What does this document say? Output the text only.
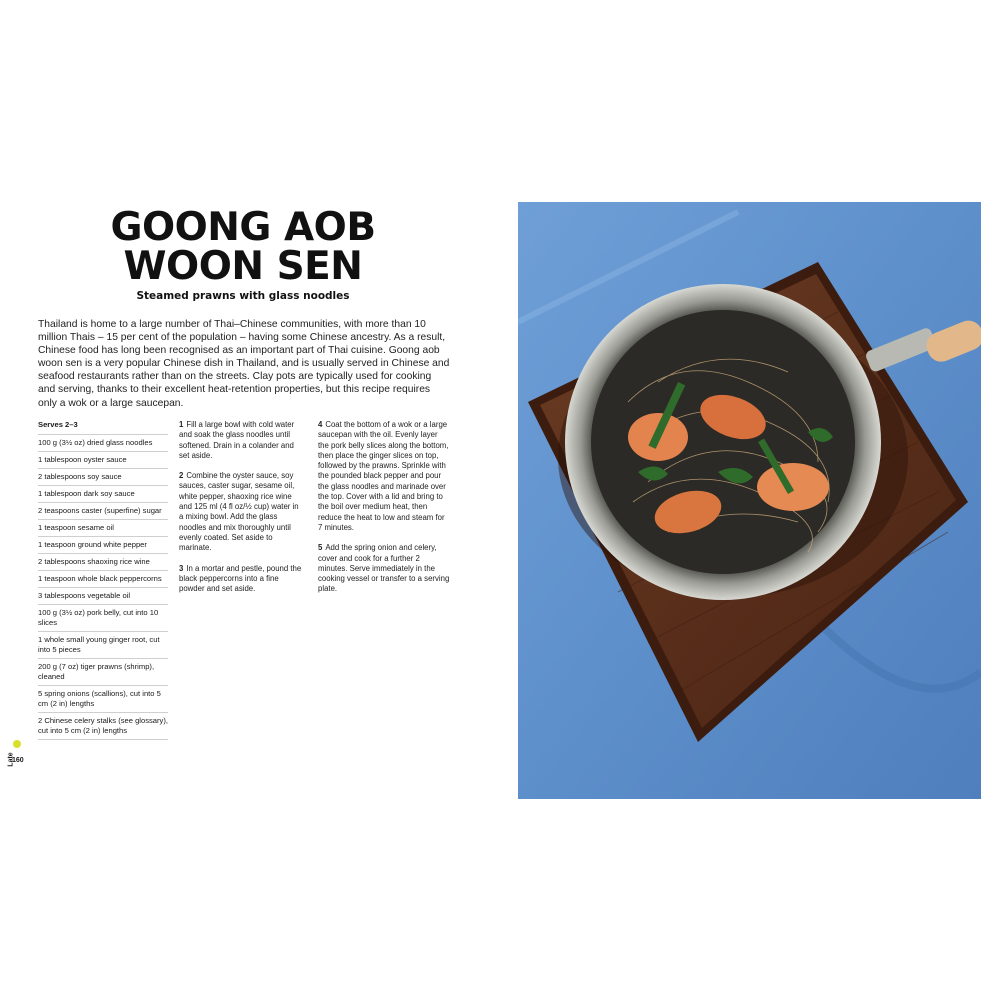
GOONG AOB
WOON SEN
Steamed prawns with glass noodles
Thailand is home to a large number of Thai–Chinese communities, with more than 10 million Thais – 15 per cent of the population – having some Chinese ancestry. As a result, Chinese food has long been recognised as an important part of Thai cuisine. Goong aob woon sen is a very popular Chinese dish in Thailand, and is usually served in Chinese and seafood restaurants rather than on the streets. Clay pots are typically used for cooking and serving, thanks to their excellent heat-retention properties, but this recipe requires only a wok or a large saucepan.
Serves 2–3
100 g (3½ oz) dried glass noodles
1 tablespoon oyster sauce
2 tablespoons soy sauce
1 tablespoon dark soy sauce
2 teaspoons caster (superfine) sugar
1 teaspoon sesame oil
1 teaspoon ground white pepper
2 tablespoons shaoxing rice wine
1 teaspoon whole black peppercorns
3 tablespoons vegetable oil
100 g (3½ oz) pork belly, cut into 10 slices
1 whole small young ginger root, cut into 5 pieces
200 g (7 oz) tiger prawns (shrimp), cleaned
5 spring onions (scallions), cut into 5 cm (2 in) lengths
2 Chinese celery stalks (see glossary), cut into 5 cm (2 in) lengths
1 Fill a large bowl with cold water and soak the glass noodles until softened. Drain in a colander and set aside.
2 Combine the oyster sauce, soy sauces, caster sugar, sesame oil, white pepper, shaoxing rice wine and 125 ml (4 fl oz/½ cup) water in a mixing bowl. Add the glass noodles and mix thoroughly until evenly coated. Set aside to marinate.
3 In a mortar and pestle, pound the black peppercorns into a fine powder and set aside.
4 Coat the bottom of a wok or a large saucepan with the oil. Evenly layer the pork belly slices along the bottom, then place the ginger slices on top, followed by the prawns. Sprinkle with the pounded black pepper and pour the glass noodles and marinade over the top. Cover with a lid and bring to the boil over medium heat, then reduce the heat to low and steam for 7 minutes.
5 Add the spring onion and celery, cover and cook for a further 2 minutes. Serve immediately in the cooking vessel or transfer to a serving plate.
Late
160
